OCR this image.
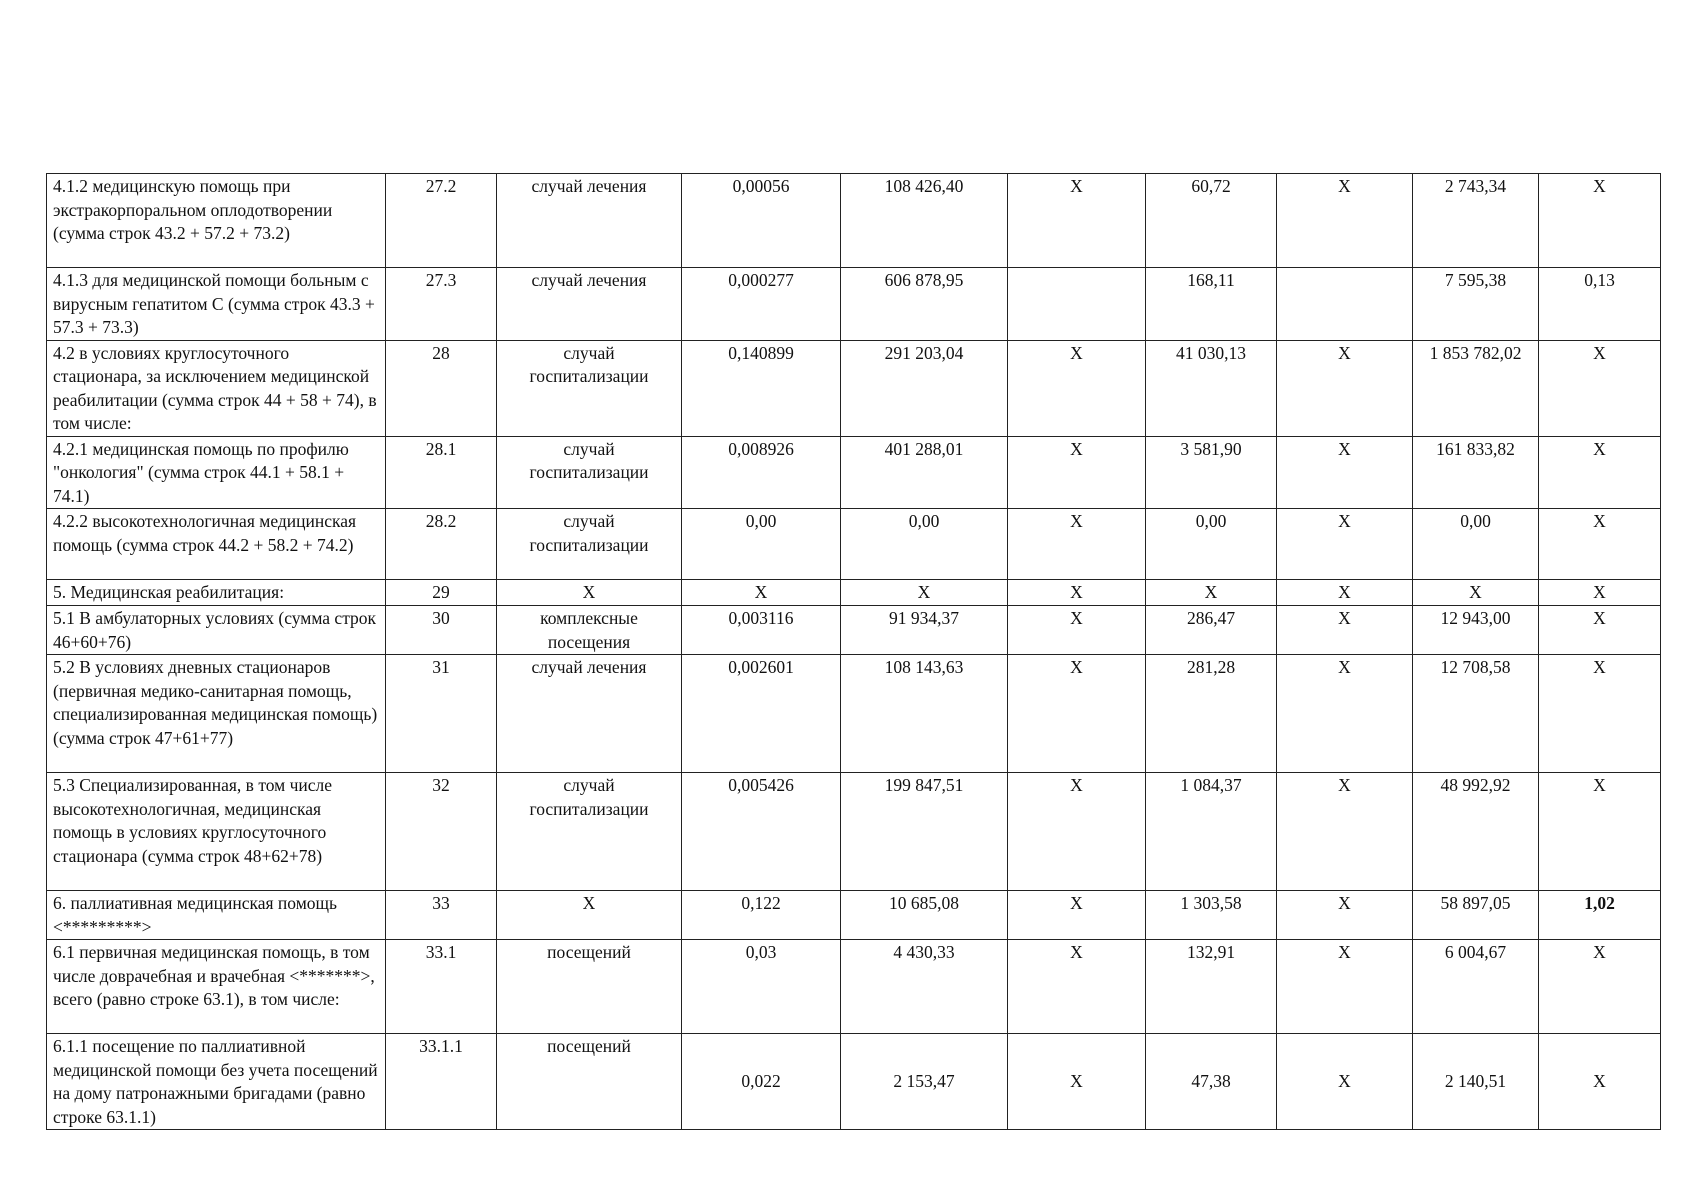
4.1.2 медицинскую помощь при экстракорпоральном оплодотворении (сумма строк 43.2 + 57.2 + 73.2)	27.2	случай лечения	0,00056	108 426,40	Х	60,72	Х	2 743,34	Х
4.1.3 для медицинской помощи больным с вирусным гепатитом С (сумма строк 43.3 + 57.3 + 73.3)	27.3	случай лечения	0,000277	606 878,95		168,11		7 595,38	0,13
4.2 в условиях круглосуточного стационара, за исключением медицинской реабилитации (сумма строк 44 + 58 + 74), в том числе:	28	случай госпитализации	0,140899	291 203,04	Х	41 030,13	Х	1 853 782,02	Х
4.2.1 медицинская помощь по профилю "онкология" (сумма строк 44.1 + 58.1 + 74.1)	28.1	случай госпитализации	0,008926	401 288,01	Х	3 581,90	Х	161 833,82	Х
4.2.2 высокотехнологичная медицинская помощь (сумма строк 44.2 + 58.2 + 74.2)	28.2	случай госпитализации	0,00	0,00	Х	0,00	Х	0,00	Х
5. Медицинская реабилитация:	29	Х	Х	Х	Х	Х	Х	Х	Х
5.1 В амбулаторных условиях (сумма строк 46+60+76)	30	комплексные посещения	0,003116	91 934,37	Х	286,47	Х	12 943,00	Х
5.2 В условиях дневных стационаров (первичная медико-санитарная помощь, специализированная медицинская помощь) (сумма строк 47+61+77)	31	случай лечения	0,002601	108 143,63	Х	281,28	Х	12 708,58	Х
5.3 Специализированная, в том числе высокотехнологичная, медицинская помощь в условиях круглосуточного стационара (сумма строк 48+62+78)	32	случай госпитализации	0,005426	199 847,51	Х	1 084,37	Х	48 992,92	Х
6. паллиативная медицинская помощь <*********>	33	Х	0,122	10 685,08	Х	1 303,58	Х	58 897,05	1,02
6.1 первичная медицинская помощь, в том числе доврачебная и врачебная <*******>, всего (равно строке 63.1), в том числе:	33.1	посещений	0,03	4 430,33	Х	132,91	Х	6 004,67	Х
6.1.1 посещение по паллиативной медицинской помощи без учета посещений на дому патронажными бригадами (равно строке 63.1.1)	33.1.1	посещений	0,022	2 153,47	Х	47,38	Х	2 140,51	Х
